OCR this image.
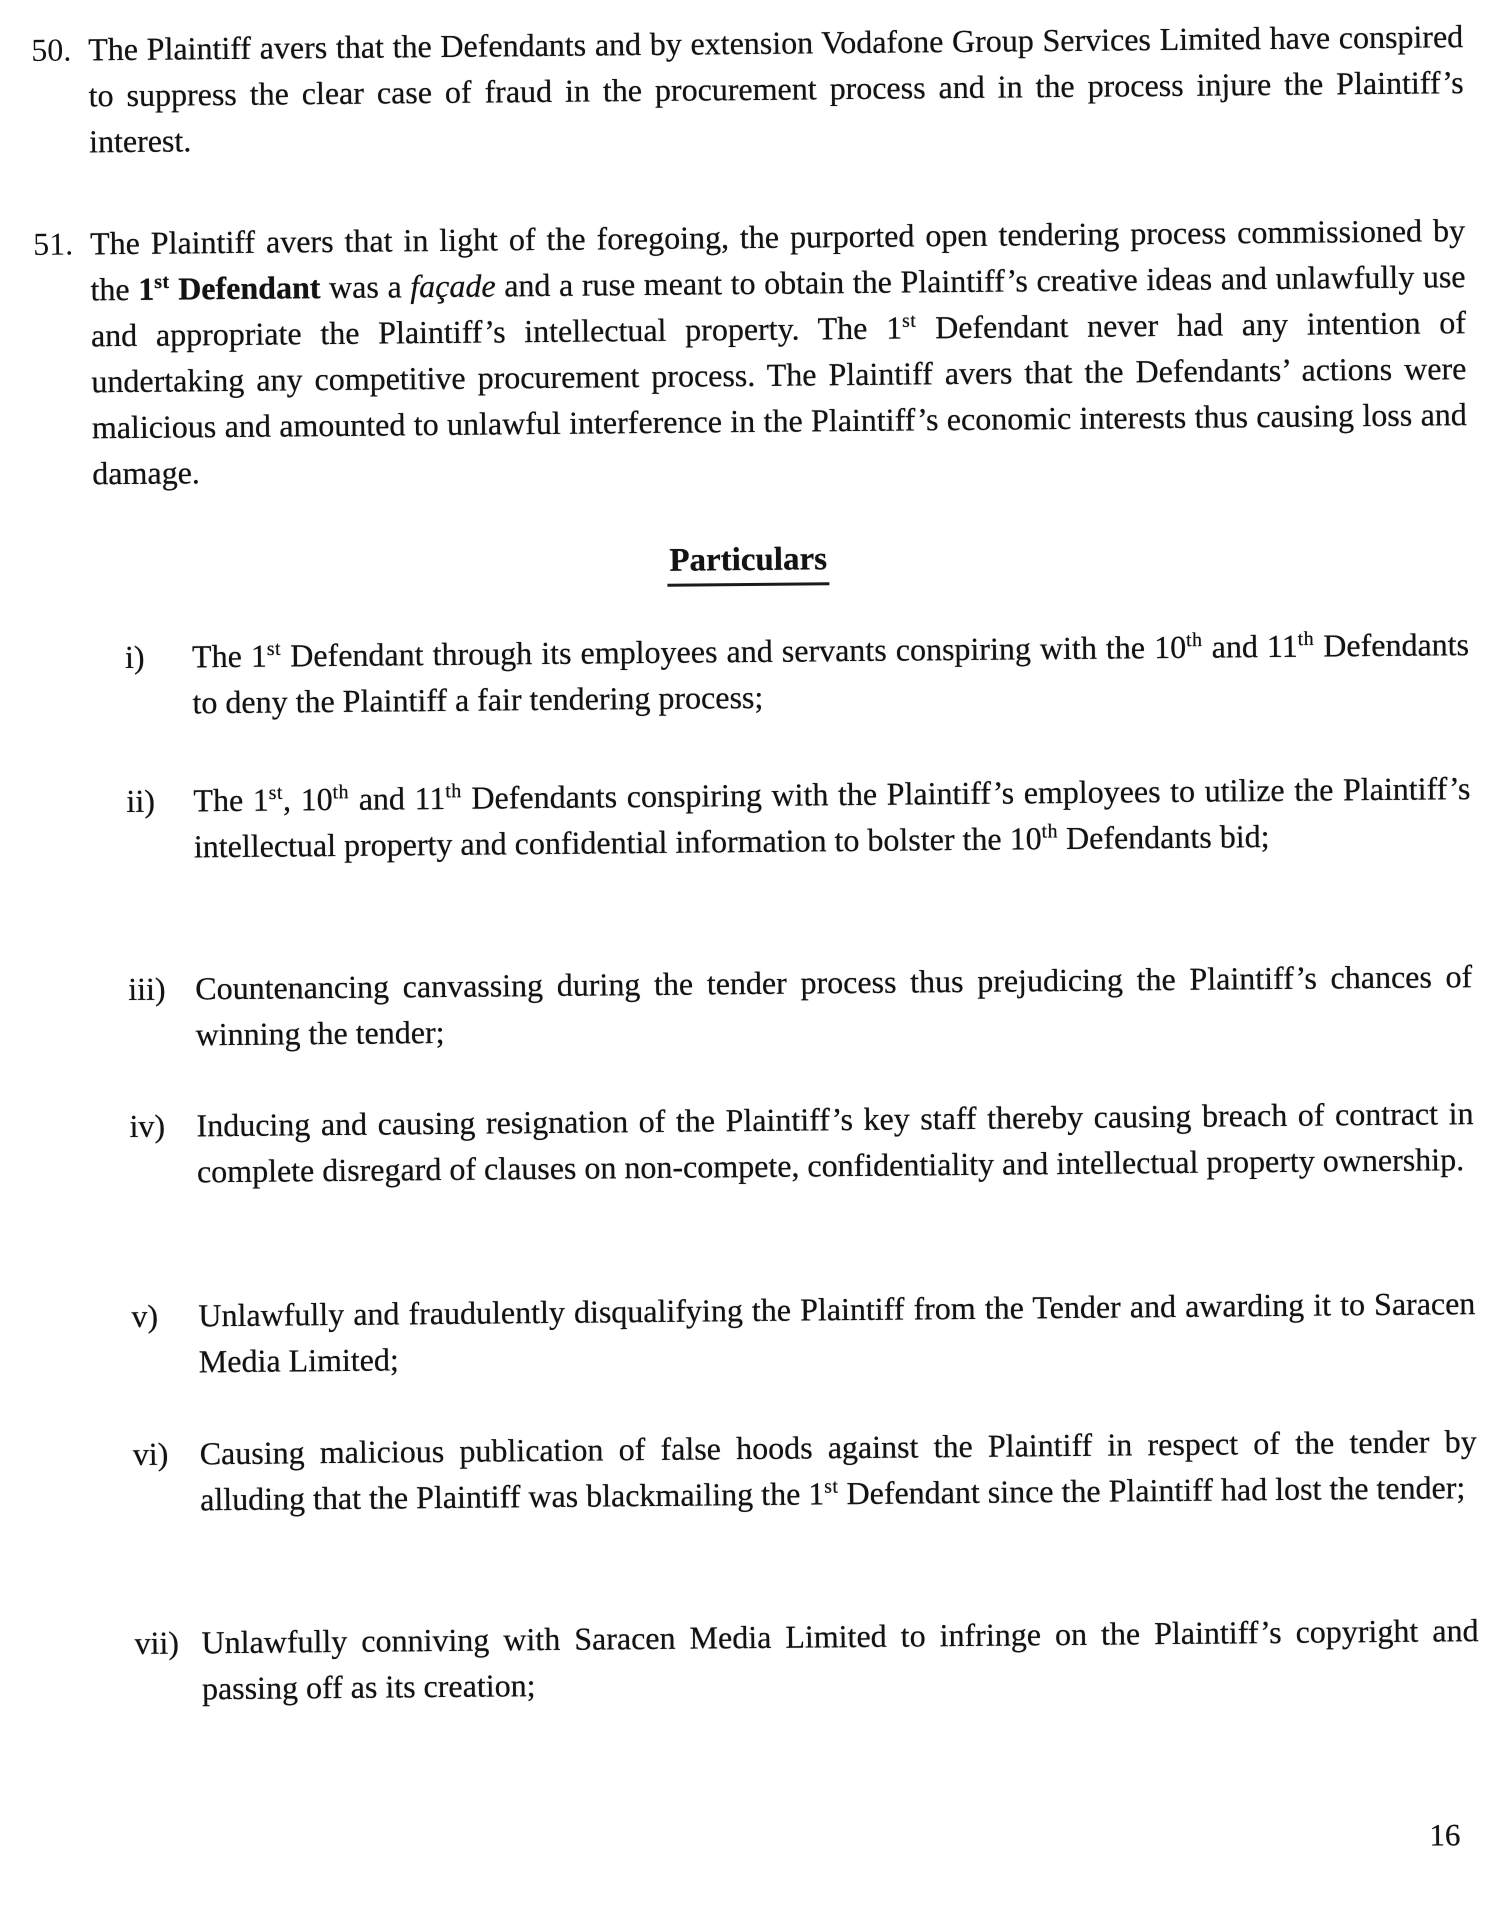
50. The Plaintiff avers that the Defendants and by extension Vodafone Group Services Limited have conspired to suppress the clear case of fraud in the procurement process and in the process injure the Plaintiff’s interest.

51. The Plaintiff avers that in light of the foregoing, the purported open tendering process commissioned by the 1st Defendant was a façade and a ruse meant to obtain the Plaintiff’s creative ideas and unlawfully use and appropriate the Plaintiff’s intellectual property. The 1st Defendant never had any intention of undertaking any competitive procurement process. The Plaintiff avers that the Defendants’ actions were malicious and amounted to unlawful interference in the Plaintiff’s economic interests thus causing loss and damage.

Particulars
i)	The 1st Defendant through its employees and servants conspiring with the 10th and 11th Defendants to deny the Plaintiff a fair tendering process;

ii)	The 1st, 10th and 11th Defendants conspiring with the Plaintiff’s employees to utilize the Plaintiff’s intellectual property and confidential information to bolster the 10th Defendants bid;

iii) Countenancing canvassing during the tender process thus prejudicing the Plaintiff’s chances of winning the tender;

iv) Inducing and causing resignation of the Plaintiff’s key staff thereby causing breach of contract in complete disregard of clauses on non-compete, confidentiality and intellectual property ownership.

v)	Unlawfully and fraudulently disqualifying the Plaintiff from the Tender and awarding it to Saracen Media Limited;

vi) Causing malicious publication of false hoods against the Plaintiff in respect of the tender by alluding that the Plaintiff was blackmailing the 1st Defendant since the Plaintiff had lost the tender;

vii) Unlawfully conniving with Saracen Media Limited to infringe on the Plaintiff’s copyright and passing off as its creation;

16
